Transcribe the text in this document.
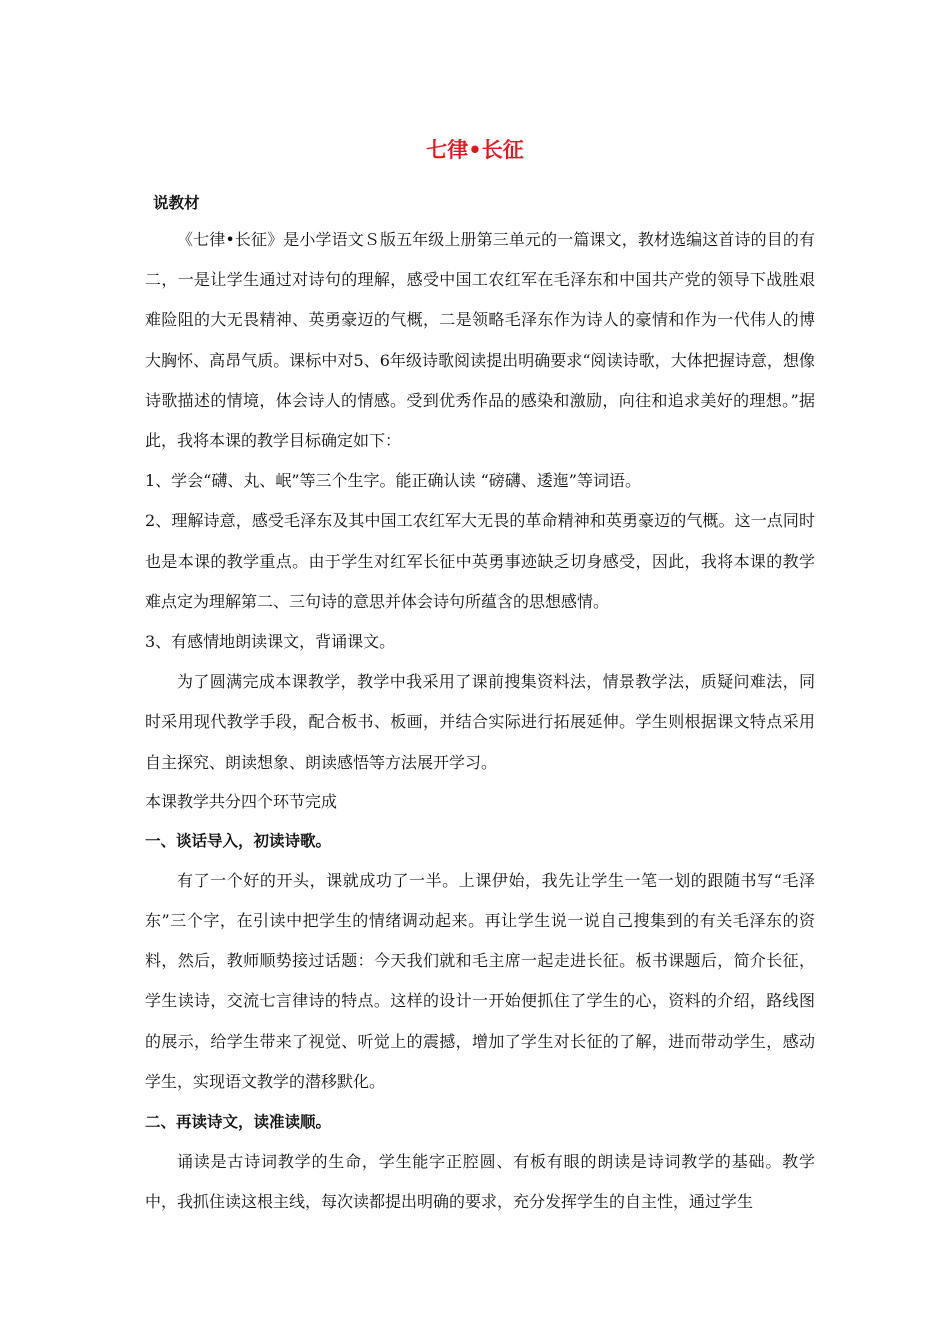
七律•长征

说教材

《七律•长征》是小学语文Ｓ版五年级上册第三单元的一篇课文，教材选编这首诗的目的有二，一是让学生通过对诗句的理解，感受中国工农红军在毛泽东和中国共产党的领导下战胜艰难险阻的大无畏精神、英勇豪迈的气概，二是领略毛泽东作为诗人的豪情和作为一代伟人的博大胸怀、高昂气质。课标中对5、6年级诗歌阅读提出明确要求“阅读诗歌，大体把握诗意，想像诗歌描述的情境，体会诗人的情感。受到优秀作品的感染和激励，向往和追求美好的理想。”据此，我将本课的教学目标确定如下：

1、学会“礴、丸、岷”等三个生字。能正确认读 “磅礴、逶迤”等词语。

2、理解诗意，感受毛泽东及其中国工农红军大无畏的革命精神和英勇豪迈的气概。这一点同时也是本课的教学重点。由于学生对红军长征中英勇事迹缺乏切身感受，因此，我将本课的教学难点定为理解第二、三句诗的意思并体会诗句所蕴含的思想感情。

3、有感情地朗读课文，背诵课文。

为了圆满完成本课教学，教学中我采用了课前搜集资料法，情景教学法，质疑问难法，同时采用现代教学手段，配合板书、板画，并结合实际进行拓展延伸。学生则根据课文特点采用自主探究、朗读想象、朗读感悟等方法展开学习。

本课教学共分四个环节完成

一、谈话导入，初读诗歌。

有了一个好的开头，课就成功了一半。上课伊始，我先让学生一笔一划的跟随书写“毛泽东”三个字，在引读中把学生的情绪调动起来。再让学生说一说自己搜集到的有关毛泽东的资料，然后，教师顺势接过话题：今天我们就和毛主席一起走进长征。板书课题后，简介长征，学生读诗，交流七言律诗的特点。这样的设计一开始便抓住了学生的心，资料的介绍，路线图的展示，给学生带来了视觉、听觉上的震撼，增加了学生对长征的了解，进而带动学生，感动学生，实现语文教学的潜移默化。

二、再读诗文，读准读顺。

诵读是古诗词教学的生命，学生能字正腔圆、有板有眼的朗读是诗词教学的基础。教学中，我抓住读这根主线，每次读都提出明确的要求，充分发挥学生的自主性，通过学生
